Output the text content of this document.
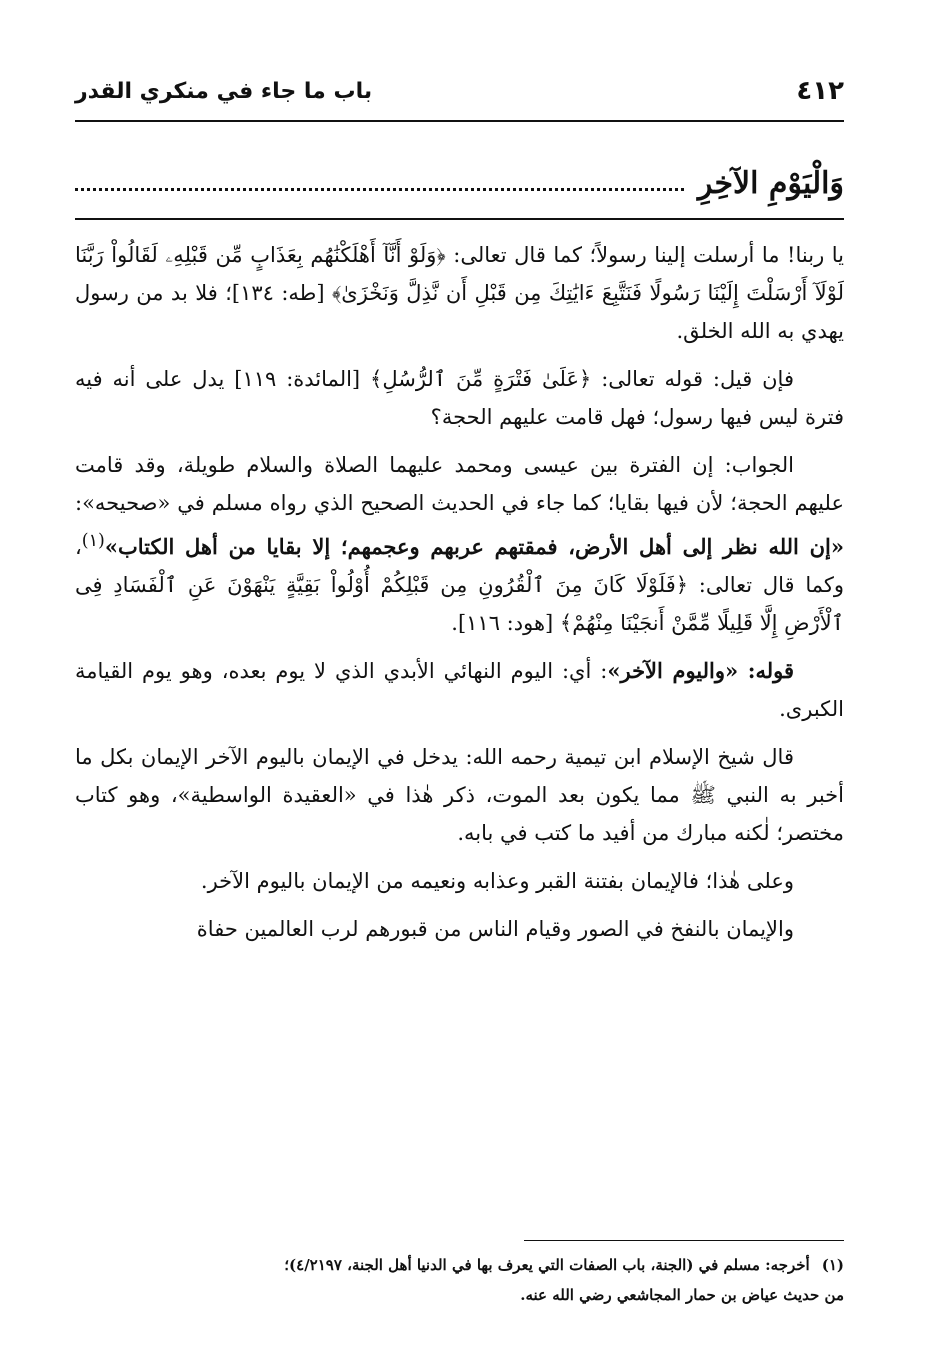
٤١٢
باب ما جاء في منكري القدر
وَالْيَوْمِ الآخِرِ

يا ربنا! ما أرسلت إلينا رسولاً؛ كما قال تعالى: ﴿وَلَوْ أَنَّآ أَهْلَكْنَٰهُم بِعَذَابٍ مِّن قَبْلِهِۦ لَقَالُواْ رَبَّنَا لَوْلَآ أَرْسَلْتَ إِلَيْنَا رَسُولًا فَنَتَّبِعَ ءَايَٰتِكَ مِن قَبْلِ أَن نَّذِلَّ وَنَخْزَىٰ﴾ [طه: ١٣٤]؛ فلا بد من رسول يهدي به الله الخلق.

فإن قيل: قوله تعالى: ﴿عَلَىٰ فَتْرَةٍ مِّنَ ٱلرُّسُلِ﴾ [المائدة: ١١٩] يدل على أنه فيه فترة ليس فيها رسول؛ فهل قامت عليهم الحجة؟

الجواب: إن الفترة بين عيسى ومحمد عليهما الصلاة والسلام طويلة، وقد قامت عليهم الحجة؛ لأن فيها بقايا؛ كما جاء في الحديث الصحيح الذي رواه مسلم في «صحيحه»: «إن الله نظر إلى أهل الأرض، فمقتهم عربهم وعجمهم؛ إلا بقايا من أهل الكتاب»$^{(١)}$، وكما قال تعالى: ﴿فَلَوْلَا كَانَ مِنَ ٱلْقُرُونِ مِن قَبْلِكُمْ أُوْلُواْ بَقِيَّةٍ يَنْهَوْنَ عَنِ ٱلْفَسَادِ فِى ٱلْأَرْضِ إِلَّا قَلِيلًا مِّمَّنْ أَنجَيْنَا مِنْهُمْ﴾ [هود: ١١٦].

قوله: «واليوم الآخر»: أي: اليوم النهائي الأبدي الذي لا يوم بعده، وهو يوم القيامة الكبرى.

قال شيخ الإسلام ابن تيمية رحمه الله: يدخل في الإيمان باليوم الآخر الإيمان بكل ما أخبر به النبي ﷺ مما يكون بعد الموت، ذكر هٰذا في «العقيدة الواسطية»، وهو كتاب مختصر؛ لٰكنه مبارك من أفيد ما كتب في بابه.

وعلى هٰذا؛ فالإيمان بفتنة القبر وعذابه ونعيمه من الإيمان باليوم الآخر.

والإيمان بالنفخ في الصور وقيام الناس من قبورهم لرب العالمين حفاة

(١)أخرجه: مسلم في (الجنة، باب الصفات التي يعرف بها في الدنيا أهل الجنة، ٤/٢١٩٧)؛
من حديث عياض بن حمار المجاشعي رضي الله عنه.
